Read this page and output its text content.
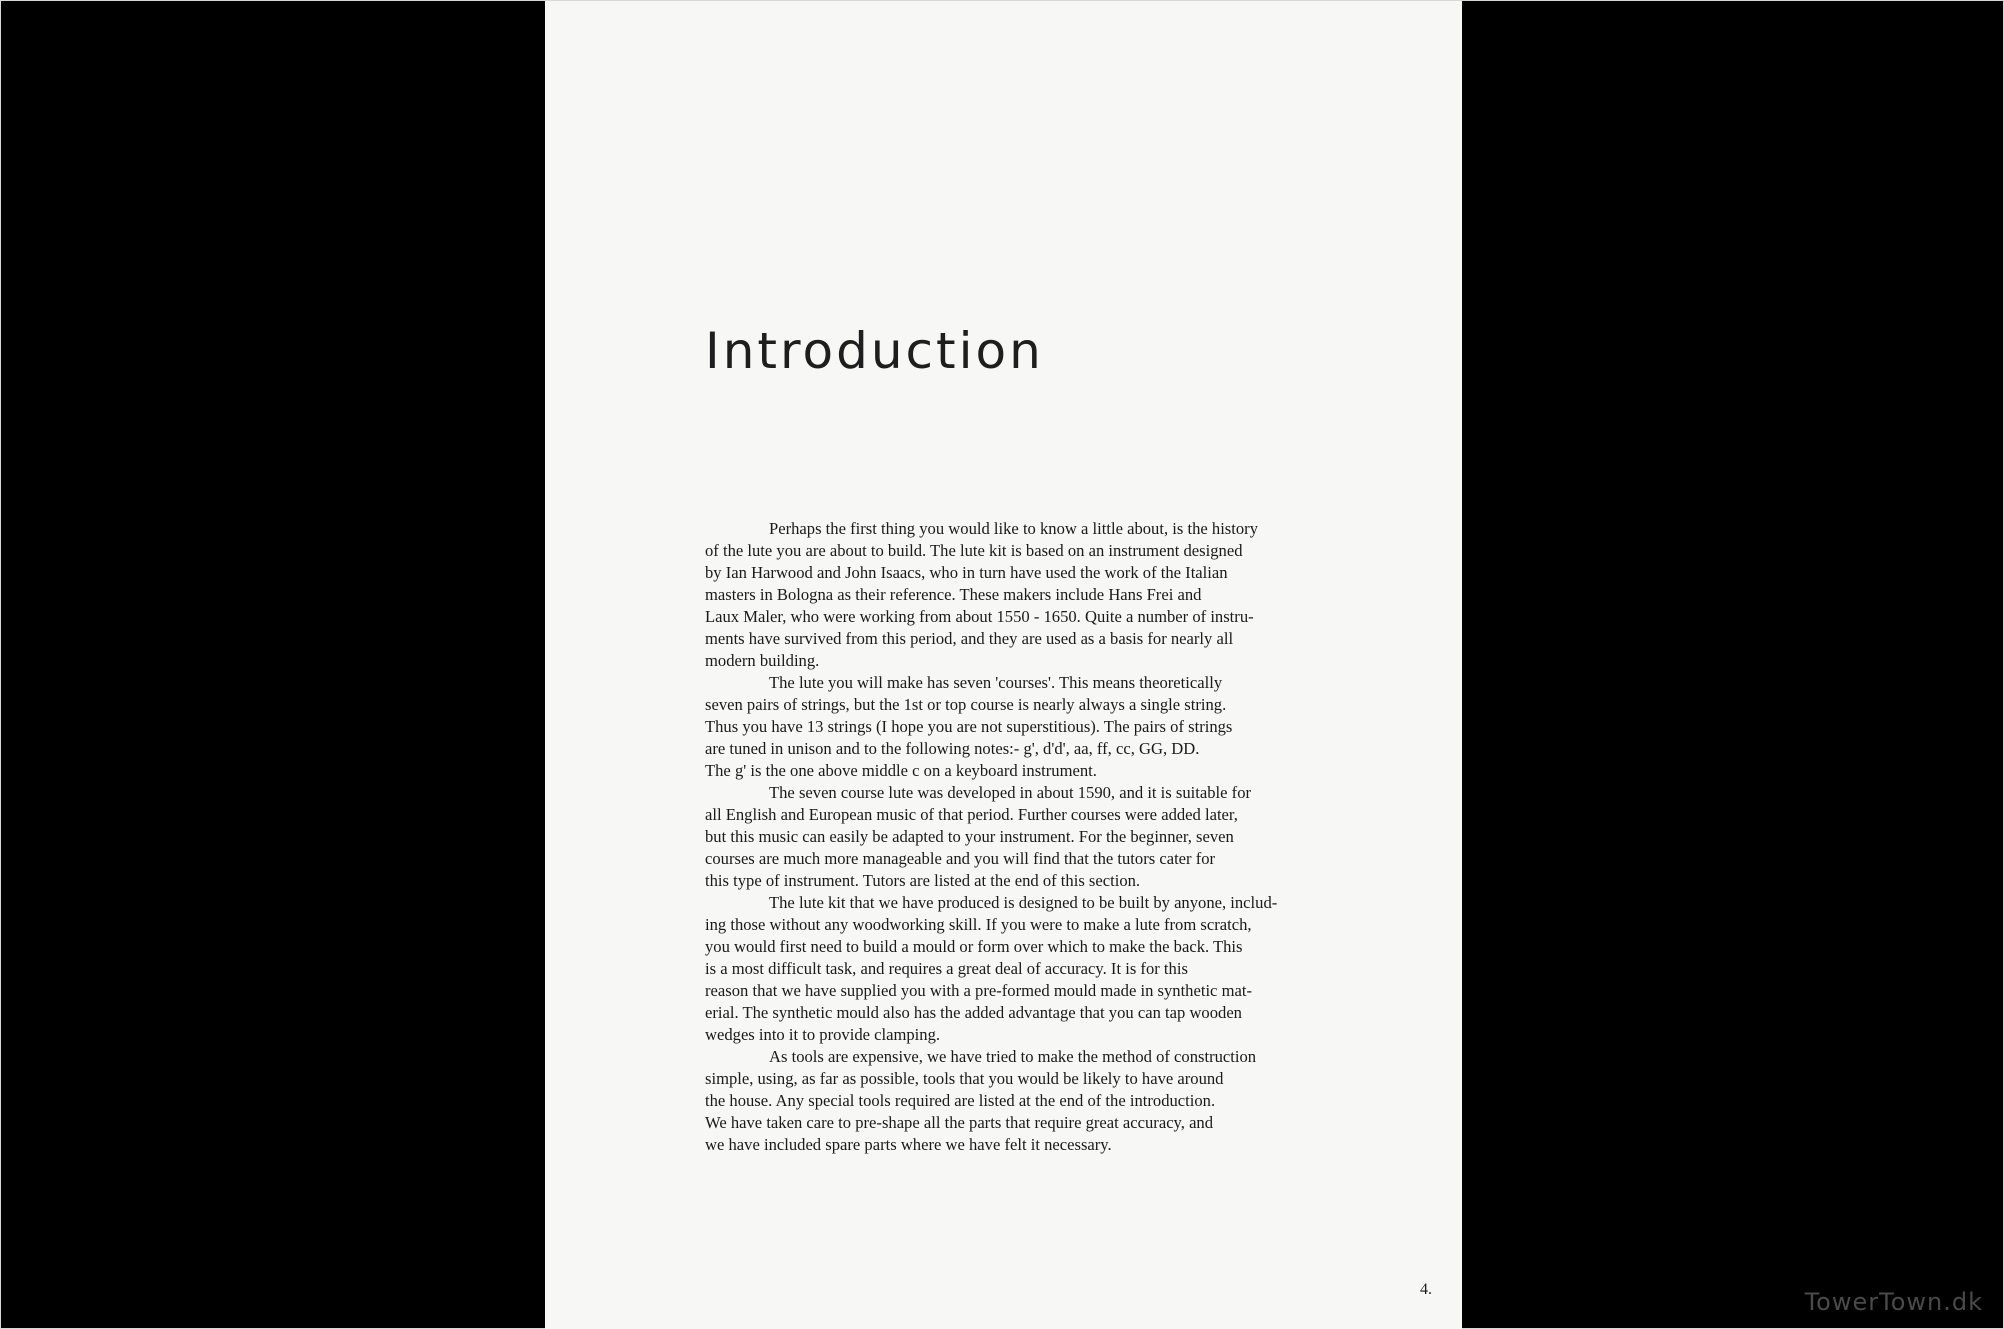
Introduction

Perhaps the first thing you would like to know a little about, is the history
of the lute you are about to build. The lute kit is based on an instrument designed
by Ian Harwood and John Isaacs, who in turn have used the work of the Italian
masters in Bologna as their reference. These makers include Hans Frei and
Laux Maler, who were working from about 1550 - 1650. Quite a number of instru-
ments have survived from this period, and they are used as a basis for nearly all
modern building.

The lute you will make has seven 'courses'. This means theoretically
seven pairs of strings, but the 1st or top course is nearly always a single string.
Thus you have 13 strings (I hope you are not superstitious). The pairs of strings
are tuned in unison and to the following notes:- g', d'd', aa, ff, cc, GG, DD.
The g' is the one above middle c on a keyboard instrument.

The seven course lute was developed in about 1590, and it is suitable for
all English and European music of that period. Further courses were added later,
but this music can easily be adapted to your instrument. For the beginner, seven
courses are much more manageable and you will find that the tutors cater for
this type of instrument. Tutors are listed at the end of this section.

The lute kit that we have produced is designed to be built by anyone, includ-
ing those without any woodworking skill. If you were to make a lute from scratch,
you would first need to build a mould or form over which to make the back. This
is a most difficult task, and requires a great deal of accuracy. It is for this
reason that we have supplied you with a pre-formed mould made in synthetic mat-
erial. The synthetic mould also has the added advantage that you can tap wooden
wedges into it to provide clamping.

As tools are expensive, we have tried to make the method of construction
simple, using, as far as possible, tools that you would be likely to have around
the house. Any special tools required are listed at the end of the introduction.
We have taken care to pre-shape all the parts that require great accuracy, and
we have included spare parts where we have felt it necessary.

4.	TowerTown.dk
